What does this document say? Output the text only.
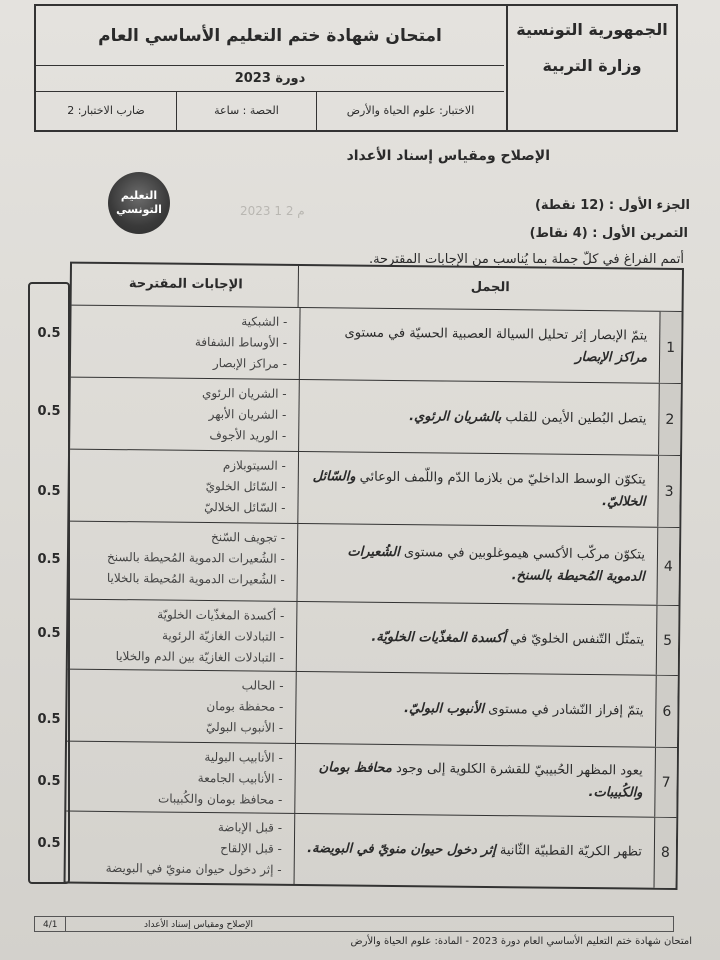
الجمهورية التونسية
وزارة التربية
امتحان شهادة ختم التعليم الأساسي العام
دورة 2023
الاختبار: علوم الحياة والأرض
الحصة : ساعة
ضارب الاختبار: 2
الإصلاح ومقياس إسناد الأعداد
التعليم التونسي	2023 م 2 1	الجزء الأول : (12 نقطة)
التمرين الأول : (4 نقاط)
أتمم الفراغ في كلّ جملة بما يُناسب من الإجابات المقترحة.
0.5
0.5
0.5
0.5
0.5
0.5
0.5
0.5
الجمل
الإجابات المقترحة
1
يتمّ الإبصار إثر تحليل السيالة العصبية الحسيّة في مستوى مراكز الإبصار
- الشبكية
- الأوساط الشفافة
- مراكز الإبصار
2
يتصل البُطين الأيمن للقلب بالشريان الرئوي.
- الشريان الرئوي
- الشريان الأبهر
- الوريد الأجوف
3
يتكوّن الوسط الداخليّ من بلازما الدّم واللّمف الوعائي والسّائل الخلاليّ.
- السيتوبلازم
- السّائل الخلويّ
- السّائل الخلاليّ
4
يتكوّن مركّب الأكسي هيموغلوبين في مستوى الشُعيرات الدموية المُحيطة بالسنخ.
- تجويف السّنخ
- الشُعيرات الدموية المُحيطة بالسنخ
- الشُعيرات الدموية المُحيطة بالخلايا
5
يتمثّل التّنفس الخلويّ في أكسدة المغذّيات الخلويّة.
- أكسدة المغذّيات الخلويّة
- التبادلات الغازيّة الرئوية
- التبادلات الغازيّة بين الدم والخلايا
6
يتمّ إفراز النّشادر في مستوى الأنبوب البوليّ.
- الحالب
- محفظة بومان
- الأنبوب البوليّ
7
يعود المظهر الحُبيبيّ للقشرة الكلوية إلى وجود محافظ بومان والكُبيبات.
- الأنابيب البولية
- الأنابيب الجامعة
- محافظ بومان والكُبيبات
8
تظهر الكريّة القطبيّة الثّانية إثر دخول حيوان منويّ في البويضة.
- قبل الإباضة
- قبل الإلقاح
- إثر دخول حيوان منويّ في البويضة
الإصلاح ومقياس إسناد الأعداد
4/1
امتحان شهادة ختم التعليم الأساسي العام دورة 2023 - المادة: علوم الحياة والأرض
